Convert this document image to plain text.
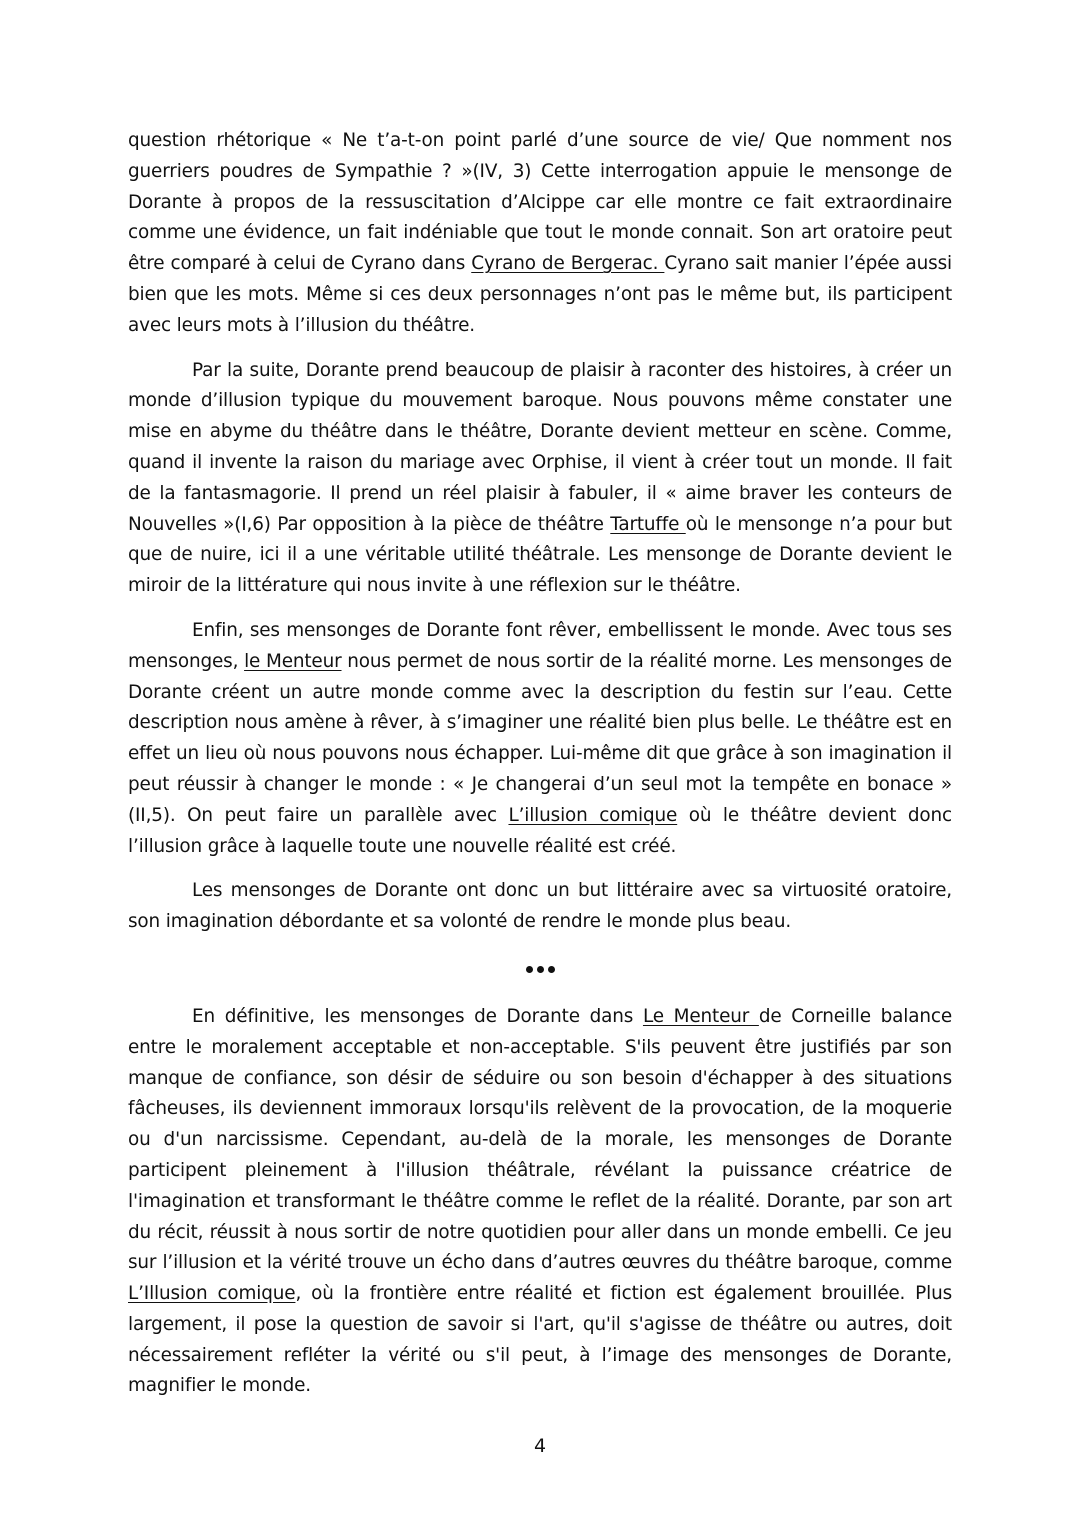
question rhétorique « Ne t’a-t-on point parlé d’une source de vie/ Que nomment nos guerriers poudres de Sympathie ? »(IV, 3) Cette interrogation appuie le mensonge de Dorante à propos de la ressuscitation d’Alcippe car elle montre ce fait extraordinaire comme une évidence, un fait indéniable que tout le monde connait. Son art oratoire peut être comparé à celui de Cyrano dans Cyrano de Bergerac. Cyrano sait manier l’épée aussi bien que les mots. Même si ces deux personnages n’ont pas le même but, ils participent avec leurs mots à l’illusion du théâtre.

Par la suite, Dorante prend beaucoup de plaisir à raconter des histoires, à créer un monde d’illusion typique du mouvement baroque. Nous pouvons même constater une mise en abyme du théâtre dans le théâtre, Dorante devient metteur en scène. Comme, quand il invente la raison du mariage avec Orphise, il vient à créer tout un monde. Il fait de la fantasmagorie. Il prend un réel plaisir à fabuler, il « aime braver les conteurs de Nouvelles »(I,6) Par opposition à la pièce de théâtre Tartuffe où le mensonge n’a pour but que de nuire, ici il a une véritable utilité théâtrale. Les mensonge de Dorante devient le miroir de la littérature qui nous invite à une réflexion sur le théâtre.

Enfin, ses mensonges de Dorante font rêver, embellissent le monde. Avec tous ses mensonges, le Menteur nous permet de nous sortir de la réalité morne. Les mensonges de Dorante créent un autre monde comme avec la description du festin sur l’eau. Cette description nous amène à rêver, à s’imaginer une réalité bien plus belle. Le théâtre est en effet un lieu où nous pouvons nous échapper. Lui-même dit que grâce à son imagination il peut réussir à changer le monde : « Je changerai d’un seul mot la tempête en bonace » (II,5). On peut faire un parallèle avec L’illusion comique où le théâtre devient donc l’illusion grâce à laquelle toute une nouvelle réalité est créé.

Les mensonges de Dorante ont donc un but littéraire avec sa virtuosité oratoire, son imagination débordante et sa volonté de rendre le monde plus beau.

En définitive, les mensonges de Dorante dans Le Menteur de Corneille balance entre le moralement acceptable et non-acceptable. S'ils peuvent être justifiés par son manque de confiance, son désir de séduire ou son besoin d'échapper à des situations fâcheuses, ils deviennent immoraux lorsqu'ils relèvent de la provocation, de la moquerie ou d'un narcissisme. Cependant, au-delà de la morale, les mensonges de Dorante participent pleinement à l'illusion théâtrale, révélant la puissance créatrice de l'imagination et transformant le théâtre comme le reflet de la réalité. Dorante, par son art du récit, réussit à nous sortir de notre quotidien pour aller dans un monde embelli. Ce jeu sur l’illusion et la vérité trouve un écho dans d’autres œuvres du théâtre baroque, comme L’Illusion comique, où la frontière entre réalité et fiction est également brouillée. Plus largement, il pose la question de savoir si l'art, qu'il s'agisse de théâtre ou autres, doit nécessairement refléter la vérité ou s'il peut, à l’image des mensonges de Dorante, magnifier le monde.

4
